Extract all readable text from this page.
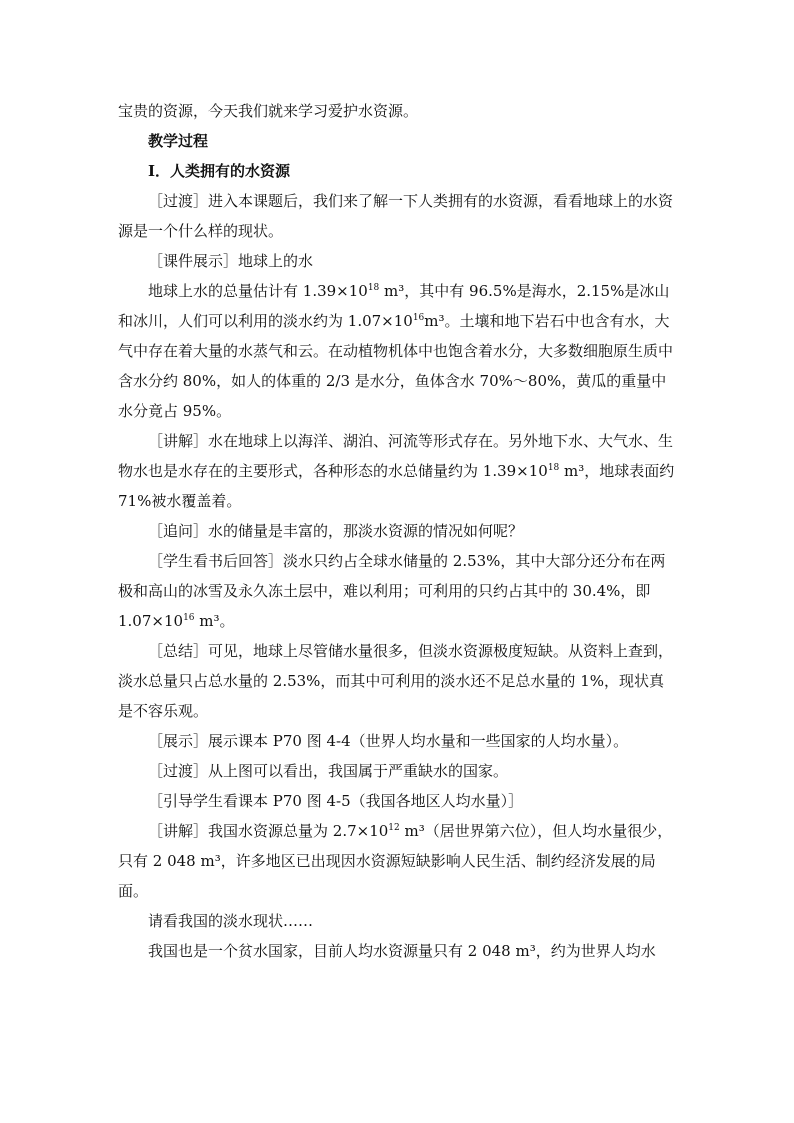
宝贵的资源，今天我们就来学习爱护水资源。

教学过程

Ⅰ．人类拥有的水资源

［过渡］进入本课题后，我们来了解一下人类拥有的水资源，看看地球上的水资源是一个什么样的现状。

［课件展示］地球上的水

地球上水的总量估计有 $1.39\times 10^{18}$ m³，其中有 96.5%是海水，2.15%是冰山和冰川，人们可以利用的淡水约为 $1.07\times 10^{16}m^3$。土壤和地下岩石中也含有水，大气中存在着大量的水蒸气和云。在动植物机体中也饱含着水分，大多数细胞原生质中含水分约 80%，如人的体重的 2/3 是水分，鱼体含水 70%～80%，黄瓜的重量中水分竟占 95%。

［讲解］水在地球上以海洋、湖泊、河流等形式存在。另外地下水、大气水、生物水也是水存在的主要形式，各种形态的水总储量约为 $1.39\times 10^{18}$ m³，地球表面约 71%被水覆盖着。

［追问］水的储量是丰富的，那淡水资源的情况如何呢？

［学生看书后回答］淡水只约占全球水储量的 2.53%，其中大部分还分布在两极和高山的冰雪及永久冻土层中，难以利用；可利用的只约占其中的 30.4%，即 $1.07\times 10^{16}$ m³。

［总结］可见，地球上尽管储水量很多，但淡水资源极度短缺。从资料上查到，淡水总量只占总水量的 2.53%，而其中可利用的淡水还不足总水量的 1%，现状真是不容乐观。

［展示］展示课本 P70 图 4-4（世界人均水量和一些国家的人均水量）。

［过渡］从上图可以看出，我国属于严重缺水的国家。

［引导学生看课本 P70 图 4-5（我国各地区人均水量）］

［讲解］我国水资源总量为 $2.7\times 10^{12}$ m³（居世界第六位），但人均水量很少，只有 2 048 m³，许多地区已出现因水资源短缺影响人民生活、制约经济发展的局面。

请看我国的淡水现状……

我国也是一个贫水国家，目前人均水资源量只有 2 048 m³，约为世界人均水
